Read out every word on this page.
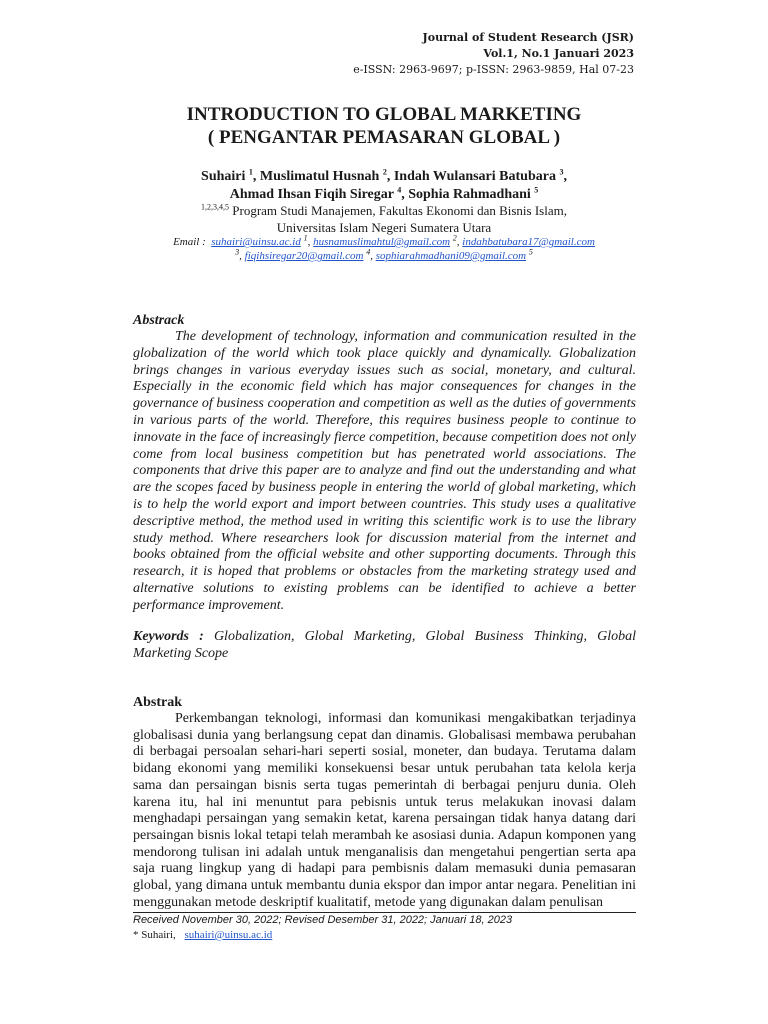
Journal of Student Research (JSR)
Vol.1, No.1 Januari 2023
e-ISSN: 2963-9697; p-ISSN: 2963-9859, Hal 07-23
INTRODUCTION TO GLOBAL MARKETING
( PENGANTAR PEMASARAN GLOBAL )
Suhairi $^1$, Muslimatul Husnah $^2$, Indah Wulansari Batubara $^3$,
Ahmad Ihsan Fiqih Siregar $^4$, Sophia Rahmadhani $^5$
$^{1,2,3,4,5}$ Program Studi Manajemen, Fakultas Ekonomi dan Bisnis Islam,
Universitas Islam Negeri Sumatera Utara
Email : suhairi@uinsu.ac.id $^1$, husnamuslimahtul@gmail.com $^2$, indahbatubara17@gmail.com
$^3$, fiqihsiregar20@gmail.com $^4$, sophiarahmadhani09@gmail.com $^5$
Abstrack
The development of technology, information and communication resulted in the globalization of the world which took place quickly and dynamically. Globalization brings changes in various everyday issues such as social, monetary, and cultural. Especially in the economic field which has major consequences for changes in the governance of business cooperation and competition as well as the duties of governments in various parts of the world. Therefore, this requires business people to continue to innovate in the face of increasingly fierce competition, because competition does not only come from local business competition but has penetrated world associations. The components that drive this paper are to analyze and find out the understanding and what are the scopes faced by business people in entering the world of global marketing, which is to help the world export and import between countries. This study uses a qualitative descriptive method, the method used in writing this scientific work is to use the library study method. Where researchers look for discussion material from the internet and books obtained from the official website and other supporting documents. Through this research, it is hoped that problems or obstacles from the marketing strategy used and alternative solutions to existing problems can be identified to achieve a better performance improvement.
Keywords : Globalization, Global Marketing, Global Business Thinking, Global Marketing Scope
Abstrak
Perkembangan teknologi, informasi dan komunikasi mengakibatkan terjadinya globalisasi dunia yang berlangsung cepat dan dinamis. Globalisasi membawa perubahan di berbagai persoalan sehari-hari seperti sosial, moneter, dan budaya. Terutama dalam bidang ekonomi yang memiliki konsekuensi besar untuk perubahan tata kelola kerja sama dan persaingan bisnis serta tugas pemerintah di berbagai penjuru dunia. Oleh karena itu, hal ini menuntut para pebisnis untuk terus melakukan inovasi dalam menghadapi persaingan yang semakin ketat, karena persaingan tidak hanya datang dari persaingan bisnis lokal tetapi telah merambah ke asosiasi dunia. Adapun komponen yang mendorong tulisan ini adalah untuk menganalisis dan mengetahui pengertian serta apa saja ruang lingkup yang di hadapi para pembisnis dalam memasuki dunia pemasaran global, yang dimana untuk membantu dunia ekspor dan impor antar negara. Penelitian ini menggunakan metode deskriptif kualitatif, metode yang digunakan dalam penulisan
Received November 30, 2022; Revised Desember 31, 2022; Januari 18, 2023
* Suhairi, suhairi@uinsu.ac.id
